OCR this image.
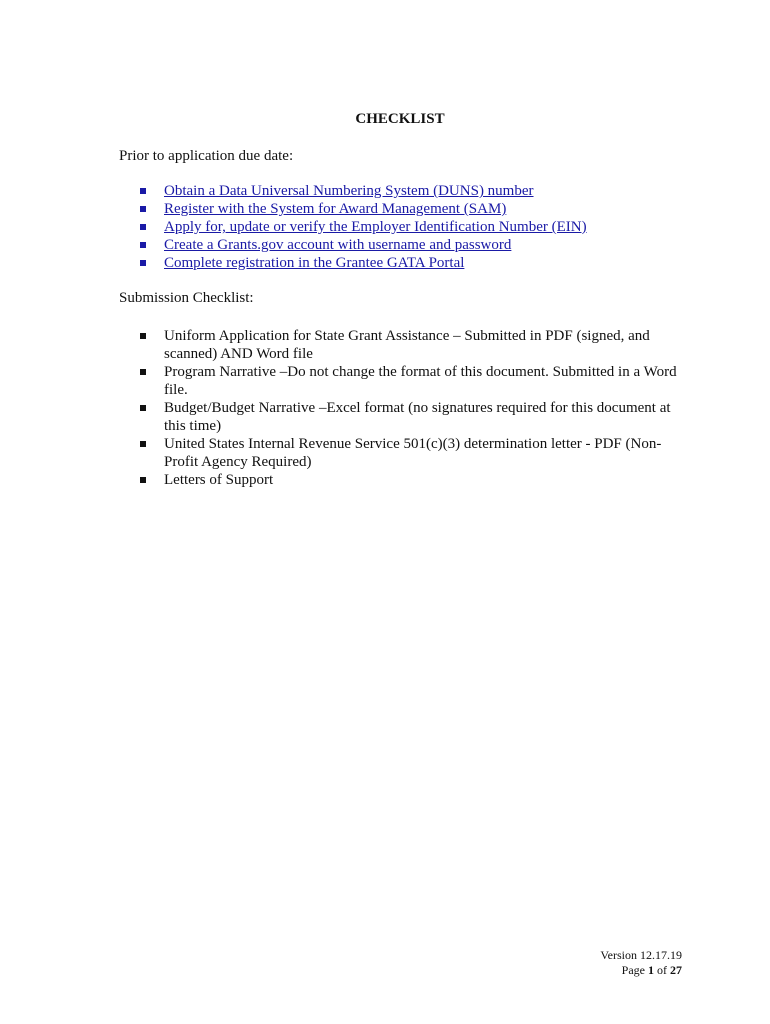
CHECKLIST
Prior to application due date:
Obtain a Data Universal Numbering System (DUNS) number
Register with the System for Award Management (SAM)
Apply for, update or verify the Employer Identification Number (EIN)
Create a Grants.gov account with username and password
Complete registration in the Grantee GATA Portal
Submission Checklist:
Uniform Application for State Grant Assistance – Submitted in PDF (signed, and scanned) AND Word file
Program Narrative –Do not change the format of this document. Submitted in a Word file.
Budget/Budget Narrative –Excel format (no signatures required for this document at this time)
United States Internal Revenue Service 501(c)(3) determination letter - PDF (Non-Profit Agency Required)
Letters of Support
Version 12.17.19
Page 1 of 27
